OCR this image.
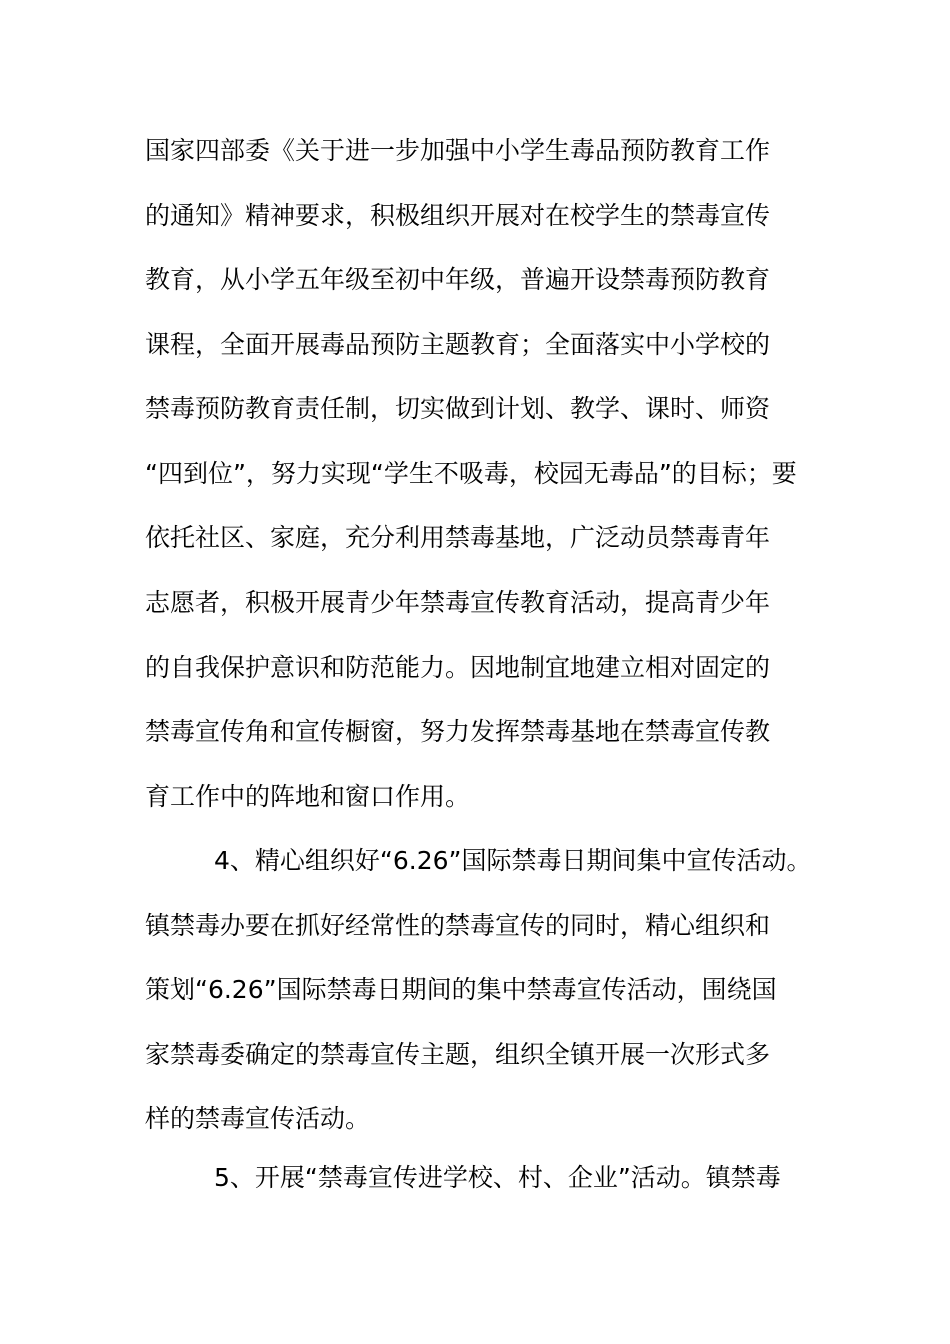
国家四部委《关于进一步加强中小学生毒品预防教育工作
的通知》精神要求，积极组织开展对在校学生的禁毒宣传
教育，从小学五年级至初中年级，普遍开设禁毒预防教育
课程，全面开展毒品预防主题教育；全面落实中小学校的
禁毒预防教育责任制，切实做到计划、教学、课时、师资
“四到位”，努力实现“学生不吸毒，校园无毒品”的目标；要
依托社区、家庭，充分利用禁毒基地，广泛动员禁毒青年
志愿者，积极开展青少年禁毒宣传教育活动，提高青少年
的自我保护意识和防范能力。因地制宜地建立相对固定的
禁毒宣传角和宣传橱窗，努力发挥禁毒基地在禁毒宣传教
育工作中的阵地和窗口作用。
4、精心组织好“6.26”国际禁毒日期间集中宣传活动。
镇禁毒办要在抓好经常性的禁毒宣传的同时，精心组织和
策划“6.26”国际禁毒日期间的集中禁毒宣传活动，围绕国
家禁毒委确定的禁毒宣传主题，组织全镇开展一次形式多
样的禁毒宣传活动。
5、开展“禁毒宣传进学校、村、企业”活动。镇禁毒
